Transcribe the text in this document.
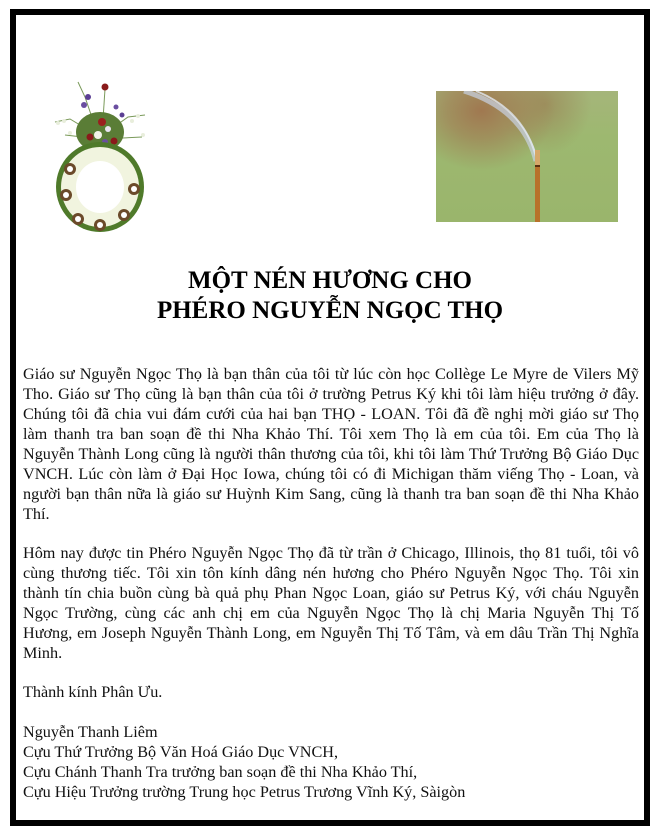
MỘT NÉN HƯƠNG CHO
PHÉRO NGUYỄN NGỌC THỌ
Giáo sư Nguyễn Ngọc Thọ là bạn thân của tôi từ lúc còn học Collège Le Myre de Vilers Mỹ Tho. Giáo sư Thọ cũng là bạn thân của tôi ở trường Petrus Ký khi tôi làm hiệu trưởng ở đây. Chúng tôi đã chia vui đám cưới của hai bạn THỌ - LOAN. Tôi đã đề nghị mời giáo sư Thọ làm thanh tra ban soạn đề thi Nha Khảo Thí. Tôi xem Thọ là em của tôi. Em của Thọ là Nguyễn Thành Long cũng là người thân thương của tôi, khi tôi làm Thứ Trưởng Bộ Giáo Dục VNCH. Lúc còn làm ở Đại Học Iowa, chúng tôi có đi Michigan thăm viếng Thọ - Loan, và người bạn thân nữa là giáo sư Huỳnh Kim Sang, cũng là thanh tra ban soạn đề thi Nha Khảo Thí.
Hôm nay được tin Phéro Nguyễn Ngọc Thọ đã từ trần ở Chicago, Illinois, thọ 81 tuổi, tôi vô cùng thương tiếc. Tôi xin tôn kính dâng nén hương cho Phéro Nguyễn Ngọc Thọ. Tôi xin thành tín chia buồn cùng bà quả phụ Phan Ngọc Loan, giáo sư Petrus Ký, với cháu Nguyễn Ngọc Trường, cùng các anh chị em của Nguyễn Ngọc Thọ là chị Maria Nguyễn Thị Tố Hương, em Joseph Nguyễn Thành Long, em Nguyễn Thị Tố Tâm, và em dâu Trần Thị Nghĩa Minh.
Thành kính Phân Ưu.
Nguyễn Thanh Liêm
Cựu Thứ Trưởng Bộ Văn Hoá Giáo Dục VNCH,
Cựu Chánh Thanh Tra trưởng ban soạn đề thi Nha Khảo Thí,
Cựu Hiệu Trưởng trường Trung học Petrus Trương Vĩnh Ký, Sàigòn
